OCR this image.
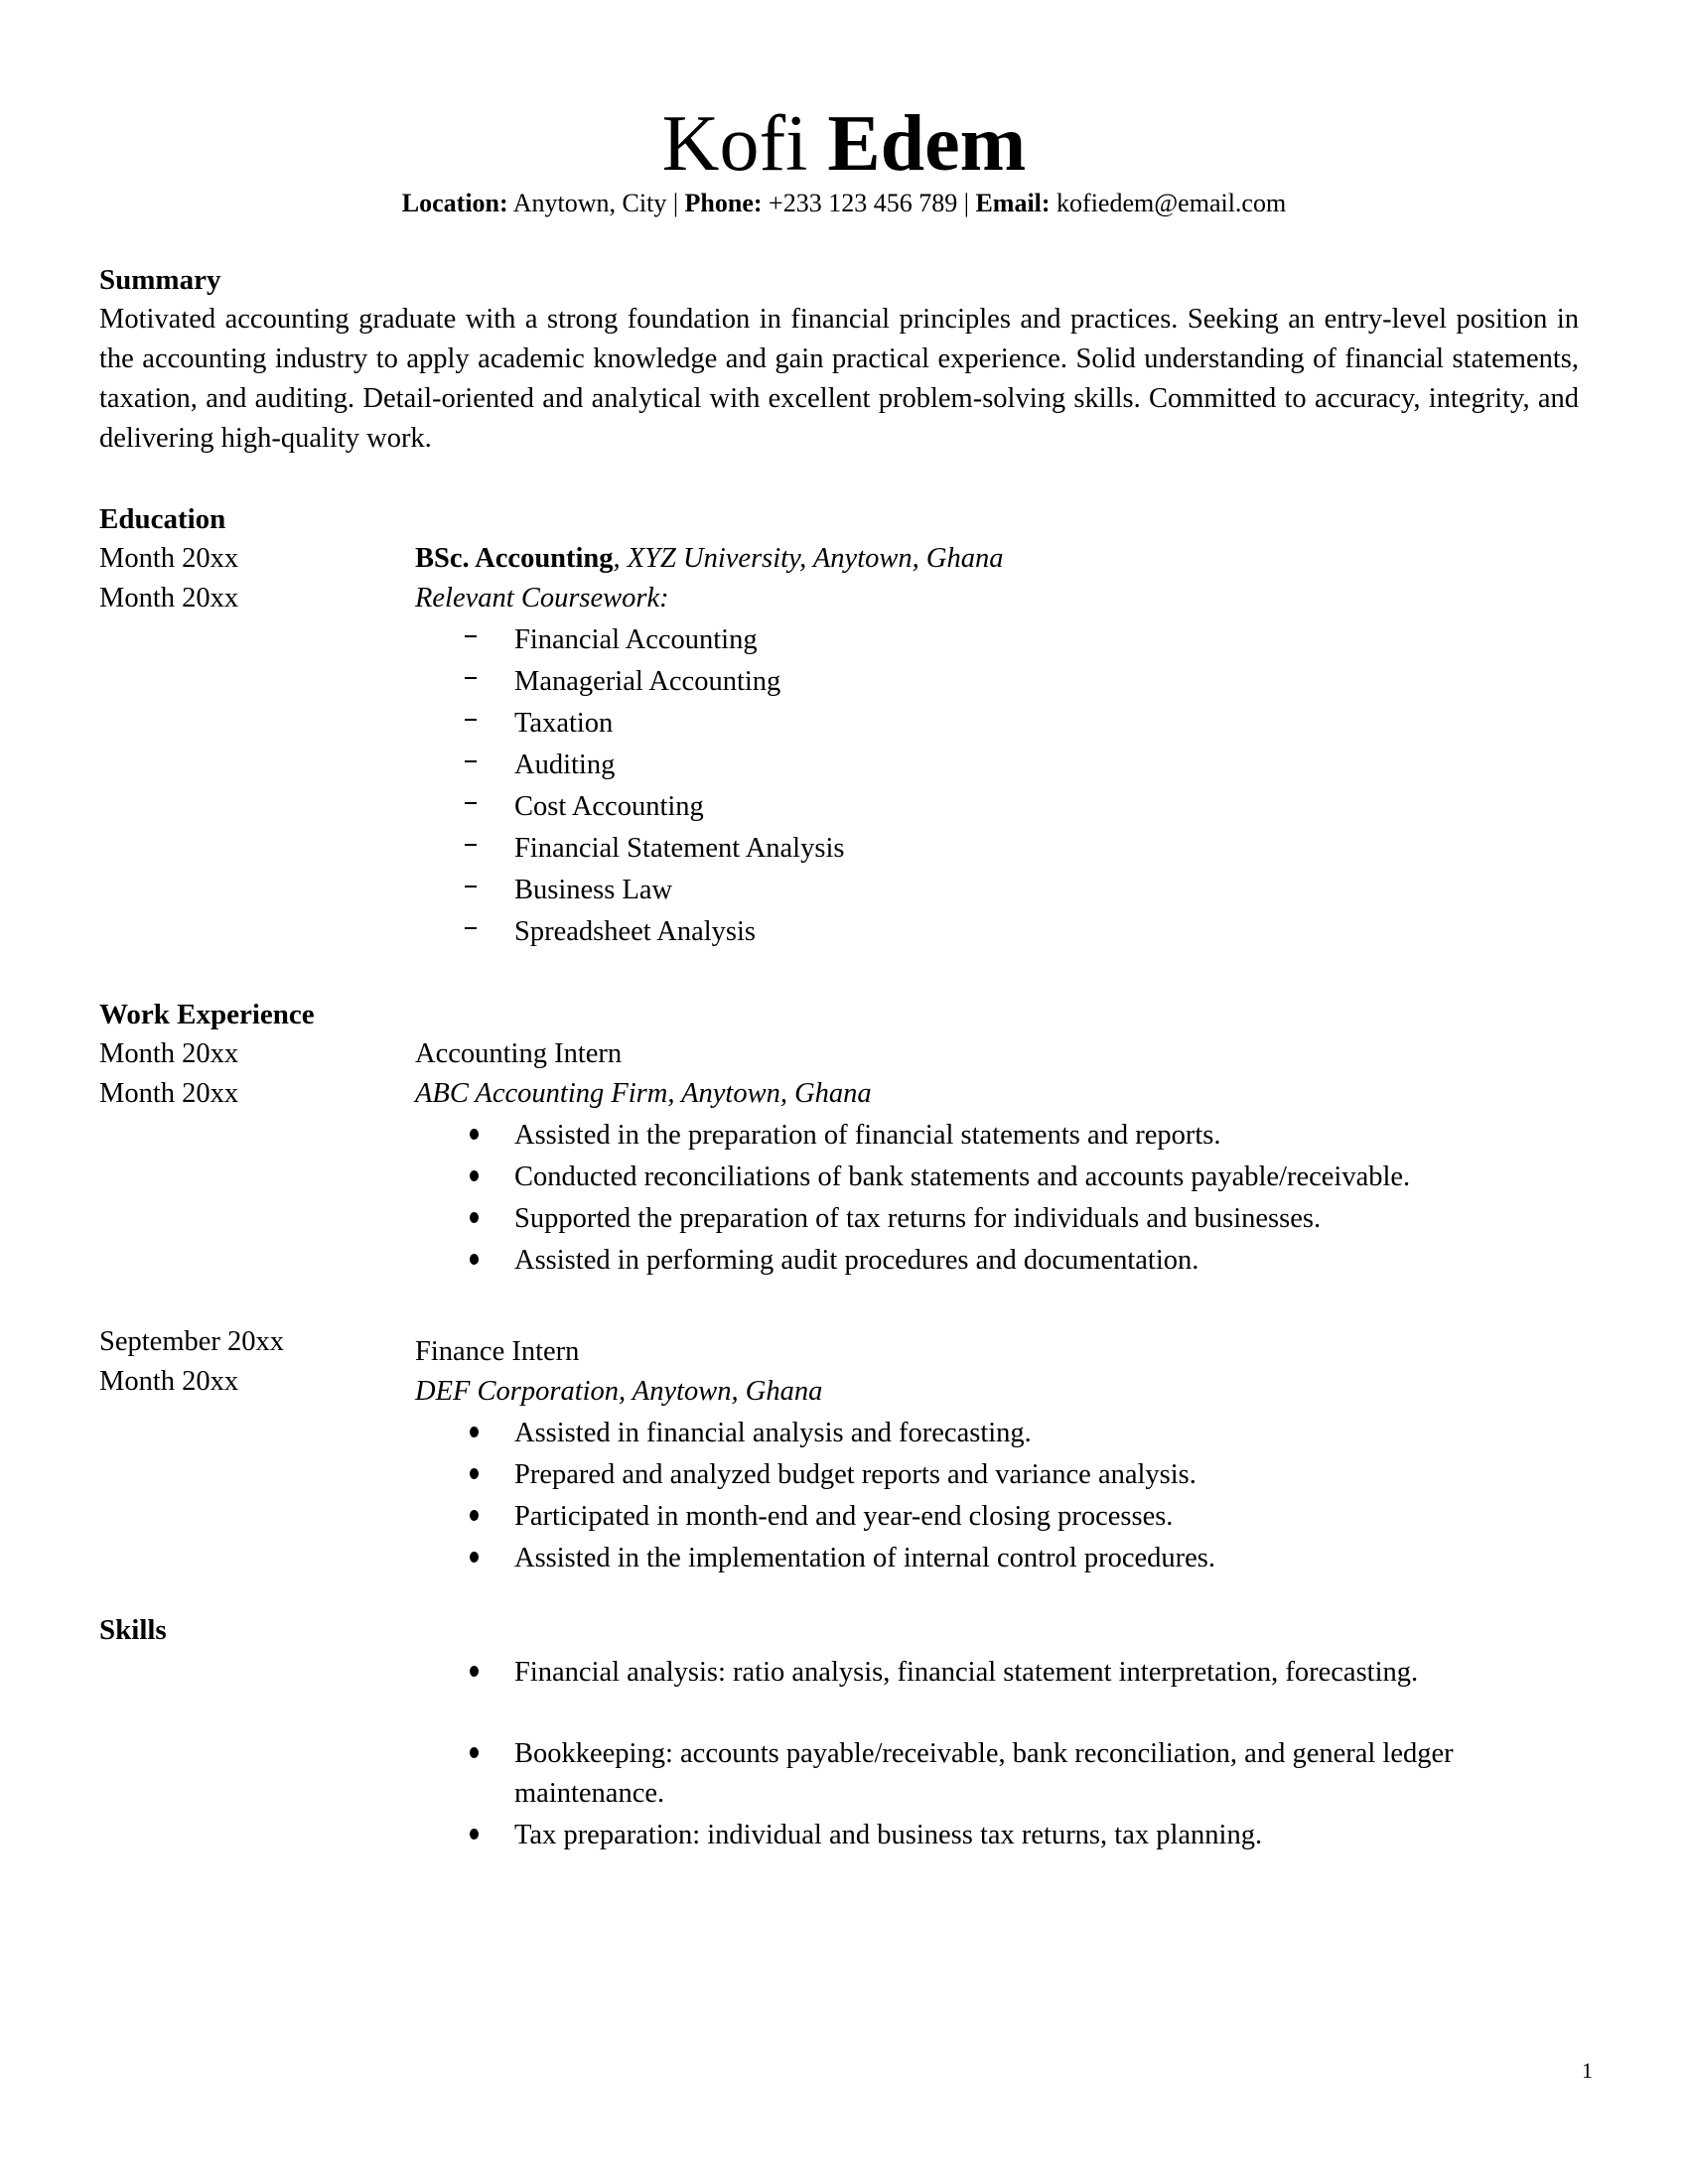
Kofi Edem
Location: Anytown, City | Phone: +233 123 456 789 | Email: kofiedem@email.com
Summary
Motivated accounting graduate with a strong foundation in financial principles and practices. Seeking an entry-level position in the accounting industry to apply academic knowledge and gain practical experience. Solid understanding of financial statements, taxation, and auditing. Detail-oriented and analytical with excellent problem-solving skills. Committed to accuracy, integrity, and delivering high-quality work.
Education
Month 20xx
Month 20xx
BSc. Accounting, XYZ University, Anytown, Ghana
Relevant Coursework:
Financial Accounting
Managerial Accounting
Taxation
Auditing
Cost Accounting
Financial Statement Analysis
Business Law
Spreadsheet Analysis
Work Experience
Month 20xx
Month 20xx
Accounting Intern
ABC Accounting Firm, Anytown, Ghana
Assisted in the preparation of financial statements and reports.
Conducted reconciliations of bank statements and accounts payable/receivable.
Supported the preparation of tax returns for individuals and businesses.
Assisted in performing audit procedures and documentation.
September 20xx
Month 20xx
Finance Intern
DEF Corporation, Anytown, Ghana
Assisted in financial analysis and forecasting.
Prepared and analyzed budget reports and variance analysis.
Participated in month-end and year-end closing processes.
Assisted in the implementation of internal control procedures.
Skills
Financial analysis: ratio analysis, financial statement interpretation, forecasting.
Bookkeeping: accounts payable/receivable, bank reconciliation, and general ledger maintenance.
Tax preparation: individual and business tax returns, tax planning.
1
